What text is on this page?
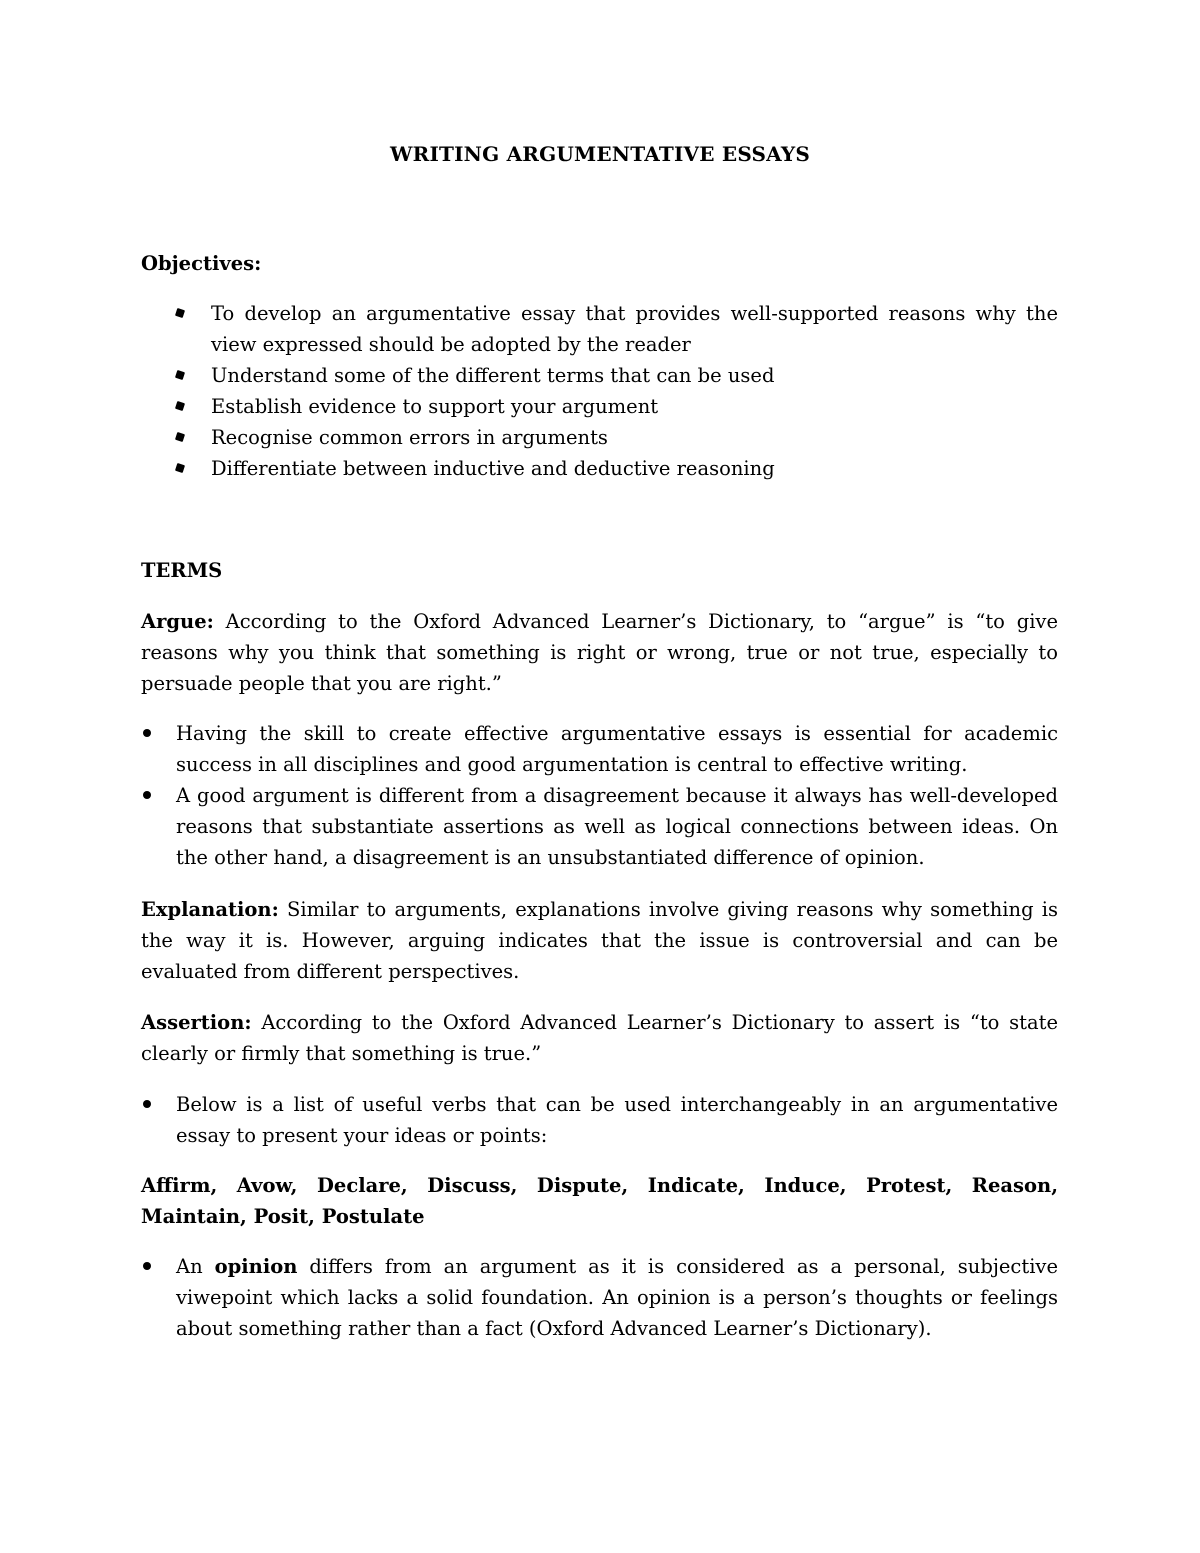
WRITING ARGUMENTATIVE ESSAYS
Objectives:
To develop an argumentative essay that provides well-supported reasons why the view expressed should be adopted by the reader
Understand some of the different terms that can be used
Establish evidence to support your argument
Recognise common errors in arguments
Differentiate between inductive and deductive reasoning
TERMS
Argue: According to the Oxford Advanced Learner’s Dictionary, to “argue” is “to give reasons why you think that something is right or wrong, true or not true, especially to persuade people that you are right.”
Having the skill to create effective argumentative essays is essential for academic success in all disciplines and good argumentation is central to effective writing.
A good argument is different from a disagreement because it always has well-developed reasons that substantiate assertions as well as logical connections between ideas. On the other hand, a disagreement is an unsubstantiated difference of opinion.
Explanation: Similar to arguments, explanations involve giving reasons why something is the way it is. However, arguing indicates that the issue is controversial and can be evaluated from different perspectives.
Assertion: According to the Oxford Advanced Learner’s Dictionary to assert is “to state clearly or firmly that something is true.”
Below is a list of useful verbs that can be used interchangeably in an argumentative essay to present your ideas or points:
Affirm, Avow, Declare, Discuss, Dispute, Indicate, Induce, Protest, Reason, Maintain, Posit, Postulate
An opinion differs from an argument as it is considered as a personal, subjective viwepoint which lacks a solid foundation. An opinion is a person’s thoughts or feelings about something rather than a fact (Oxford Advanced Learner’s Dictionary).
